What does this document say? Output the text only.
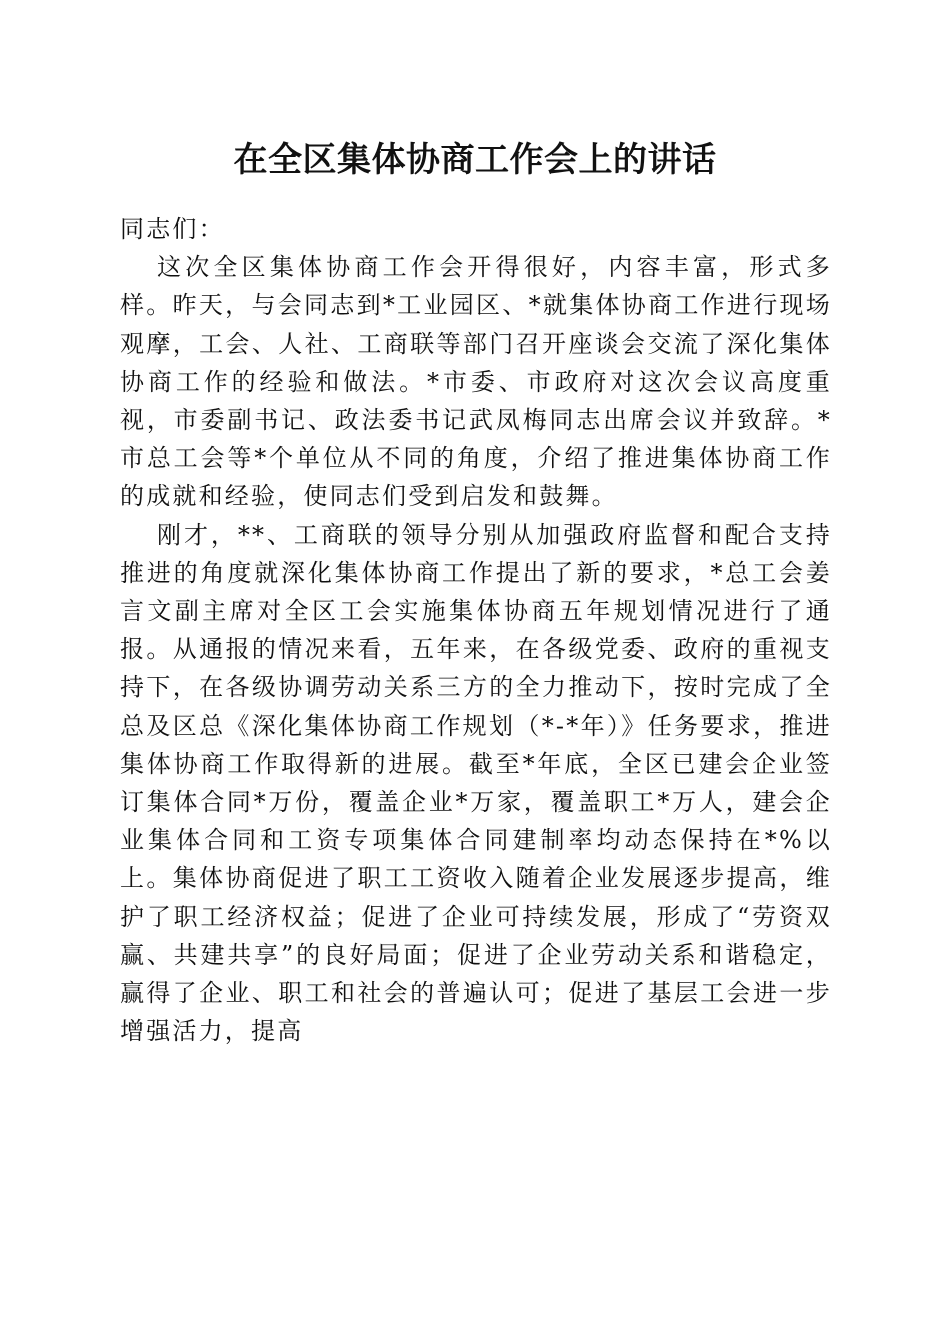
在全区集体协商工作会上的讲话

同志们：

这次全区集体协商工作会开得很好，内容丰富，形式多样。昨天，与会同志到*工业园区、*就集体协商工作进行现场观摩，工会、人社、工商联等部门召开座谈会交流了深化集体协商工作的经验和做法。*市委、市政府对这次会议高度重视，市委副书记、政法委书记武凤梅同志出席会议并致辞。*市总工会等*个单位从不同的角度，介绍了推进集体协商工作的成就和经验，使同志们受到启发和鼓舞。

刚才，**、工商联的领导分别从加强政府监督和配合支持推进的角度就深化集体协商工作提出了新的要求，*总工会姜言文副主席对全区工会实施集体协商五年规划情况进行了通报。从通报的情况来看，五年来，在各级党委、政府的重视支持下，在各级协调劳动关系三方的全力推动下，按时完成了全总及区总《深化集体协商工作规划（*-*年）》任务要求，推进集体协商工作取得新的进展。截至*年底，全区已建会企业签订集体合同*万份，覆盖企业*万家，覆盖职工*万人，建会企业集体合同和工资专项集体合同建制率均动态保持在*%以上。集体协商促进了职工工资收入随着企业发展逐步提高，维护了职工经济权益；促进了企业可持续发展，形成了“劳资双赢、共建共享”的良好局面；促进了企业劳动关系和谐稳定，赢得了企业、职工和社会的普遍认可；促进了基层工会进一步增强活力，提高
